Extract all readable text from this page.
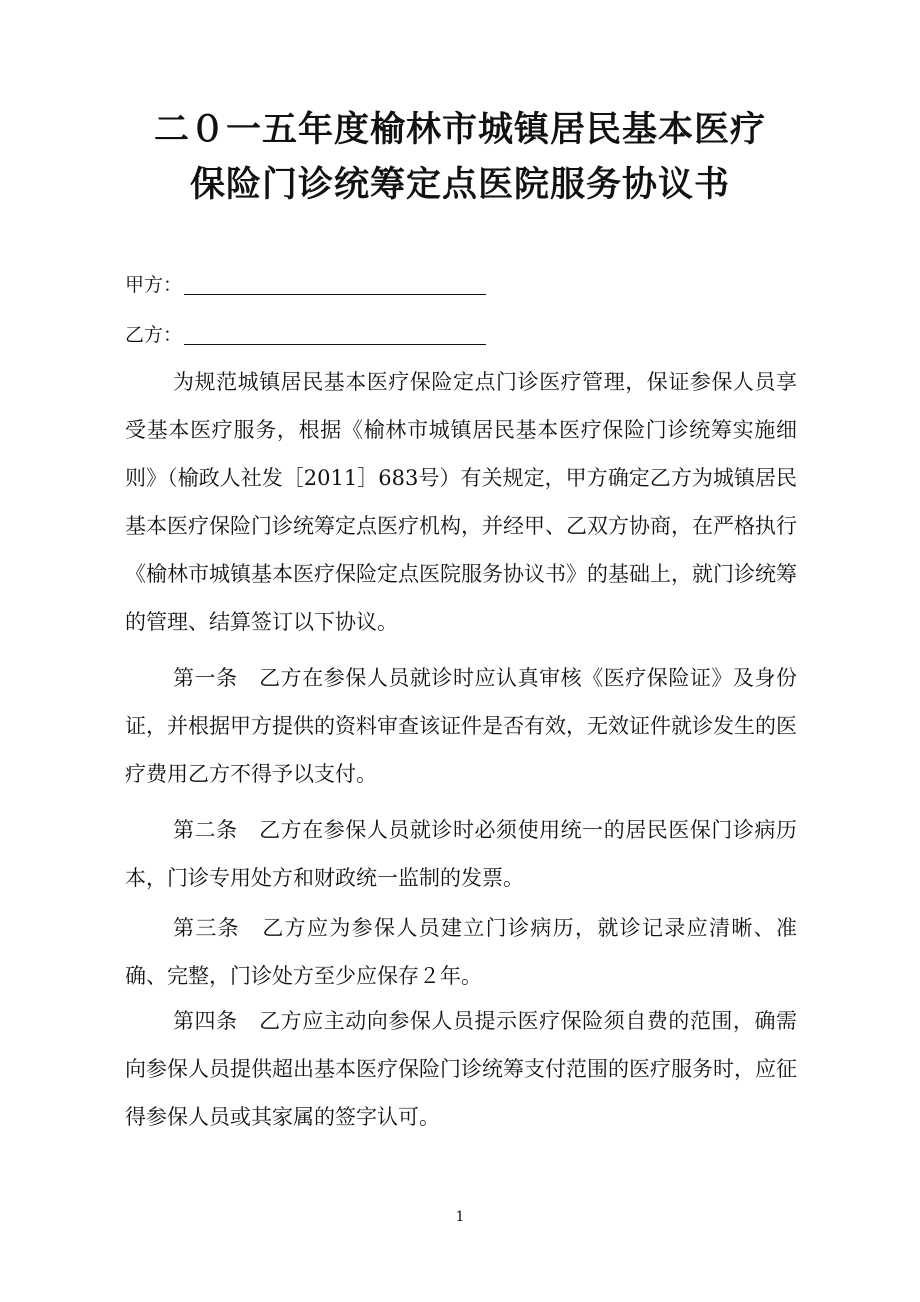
二０一五年度榆林市城镇居民基本医疗
保险门诊统筹定点医院服务协议书
甲方：
乙方：

为规范城镇居民基本医疗保险定点门诊医疗管理，保证参保人员享受基本医疗服务，根据《榆林市城镇居民基本医疗保险门诊统筹实施细则》（榆政人社发［2011］683号）有关规定，甲方确定乙方为城镇居民基本医疗保险门诊统筹定点医疗机构，并经甲、乙双方协商，在严格执行《榆林市城镇基本医疗保险定点医院服务协议书》的基础上，就门诊统筹的管理、结算签订以下协议。

第一条　乙方在参保人员就诊时应认真审核《医疗保险证》及身份证，并根据甲方提供的资料审查该证件是否有效，无效证件就诊发生的医疗费用乙方不得予以支付。

第二条　乙方在参保人员就诊时必须使用统一的居民医保门诊病历本，门诊专用处方和财政统一监制的发票。

第三条　乙方应为参保人员建立门诊病历，就诊记录应清晰、准确、完整，门诊处方至少应保存２年。

第四条　乙方应主动向参保人员提示医疗保险须自费的范围，确需向参保人员提供超出基本医疗保险门诊统筹支付范围的医疗服务时，应征得参保人员或其家属的签字认可。

1
